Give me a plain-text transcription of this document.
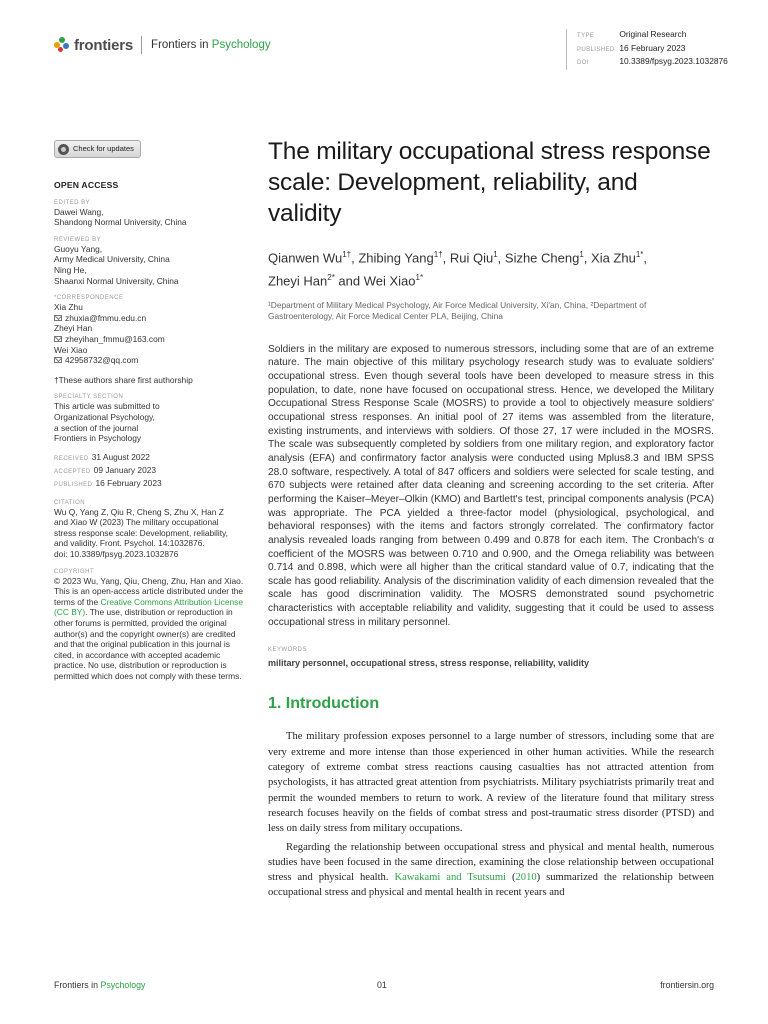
frontiers Frontiers in Psychology
TYPE	Original Research
PUBLISHED 16 February 2023
DOI	10.3389/fpsyg.2023.1032876
Check for updates
OPEN ACCESS
EDITED BY
Dawei Wang,
Shandong Normal University, China
REVIEWED BY
Guoyu Yang,
Army Medical University, China
Ning He,
Shaanxi Normal University, China
*CORRESPONDENCE
Xia Zhu
zhuxia@fmmu.edu.cn
Zheyi Han
zheyihan_fmmu@163.com
Wei Xiao
42958732@qq.com
†These authors share first authorship
SPECIALTY SECTION
This article was submitted to
Organizational Psychology,
a section of the journal
Frontiers in Psychology
RECEIVED 31 August 2022
ACCEPTED 09 January 2023
PUBLISHED 16 February 2023
CITATION
Wu Q, Yang Z, Qiu R, Cheng S, Zhu X, Han Z
and Xiao W (2023) The military occupational
stress response scale: Development, reliability,
and validity. Front. Psychol. 14:1032876.
doi: 10.3389/fpsyg.2023.1032876
COPYRIGHT
© 2023 Wu, Yang, Qiu, Cheng, Zhu, Han and Xiao. This is an open-access article distributed under the terms of the Creative Commons Attribution License (CC BY). The use, distribution or reproduction in other forums is permitted, provided the original author(s) and the copyright owner(s) are credited and that the original publication in this journal is cited, in accordance with accepted academic practice. No use, distribution or reproduction is permitted which does not comply with these terms.
The military occupational stress response scale: Development, reliability, and validity
Qianwen $Wu^{1\dagger}$, Zhibing Yang$^{1\dagger}$, Rui Qiu$^1$, Sizhe Cheng$^1$, Xia Zhu$^{1*}$,
Zheyi Han$^{2*}$ and Wei Xiao$^{1*}$
¹Department of Military Medical Psychology, Air Force Medical University, Xi'an, China, ²Department of Gastroenterology, Air Force Medical Center PLA, Beijing, China
Soldiers in the military are exposed to numerous stressors, including some that are of an extreme nature. The main objective of this military psychology research study was to evaluate soldiers' occupational stress. Even though several tools have been developed to measure stress in this population, to date, none have focused on occupational stress. Hence, we developed the Military Occupational Stress Response Scale (MOSRS) to provide a tool to objectively measure soldiers' occupational stress responses. An initial pool of 27 items was assembled from the literature, existing instruments, and interviews with soldiers. Of those 27, 17 were included in the MOSRS. The scale was subsequently completed by soldiers from one military region, and exploratory factor analysis (EFA) and confirmatory factor analysis were conducted using Mplus8.3 and IBM SPSS 28.0 software, respectively. A total of 847 officers and soldiers were selected for scale testing, and 670 subjects were retained after data cleaning and screening according to the set criteria. After performing the Kaiser–Meyer–Olkin (KMO) and Bartlett's test, principal components analysis (PCA) was appropriate. The PCA yielded a three-factor model (physiological, psychological, and behavioral responses) with the items and factors strongly correlated. The confirmatory factor analysis revealed loads ranging from between 0.499 and 0.878 for each item. The Cronbach's α coefficient of the MOSRS was between 0.710 and 0.900, and the Omega reliability was between 0.714 and 0.898, which were all higher than the critical standard value of 0.7, indicating that the scale has good reliability. Analysis of the discrimination validity of each dimension revealed that the scale has good discrimination validity. The MOSRS demonstrated sound psychometric characteristics with acceptable reliability and validity, suggesting that it could be used to assess occupational stress in military personnel.
KEYWORDS
military personnel, occupational stress, stress response, reliability, validity
1. Introduction

The military profession exposes personnel to a large number of stressors, including some that are very extreme and more intense than those experienced in other human activities. While the research category of extreme combat stress reactions causing casualties has not attracted attention from psychologists, it has attracted great attention from psychiatrists. Military psychiatrists primarily treat and permit the wounded members to return to work. A review of the literature found that military stress research focuses heavily on the fields of combat stress and post-traumatic stress disorder (PTSD) and less on daily stress from military occupations.

Regarding the relationship between occupational stress and physical and mental health, numerous studies have been focused in the same direction, examining the close relationship between occupational stress and physical health. Kawakami and Tsutsumi (2010) summarized the relationship between occupational stress and physical and mental health in recent years and

Frontiers in Psychology	01	frontiersin.org
